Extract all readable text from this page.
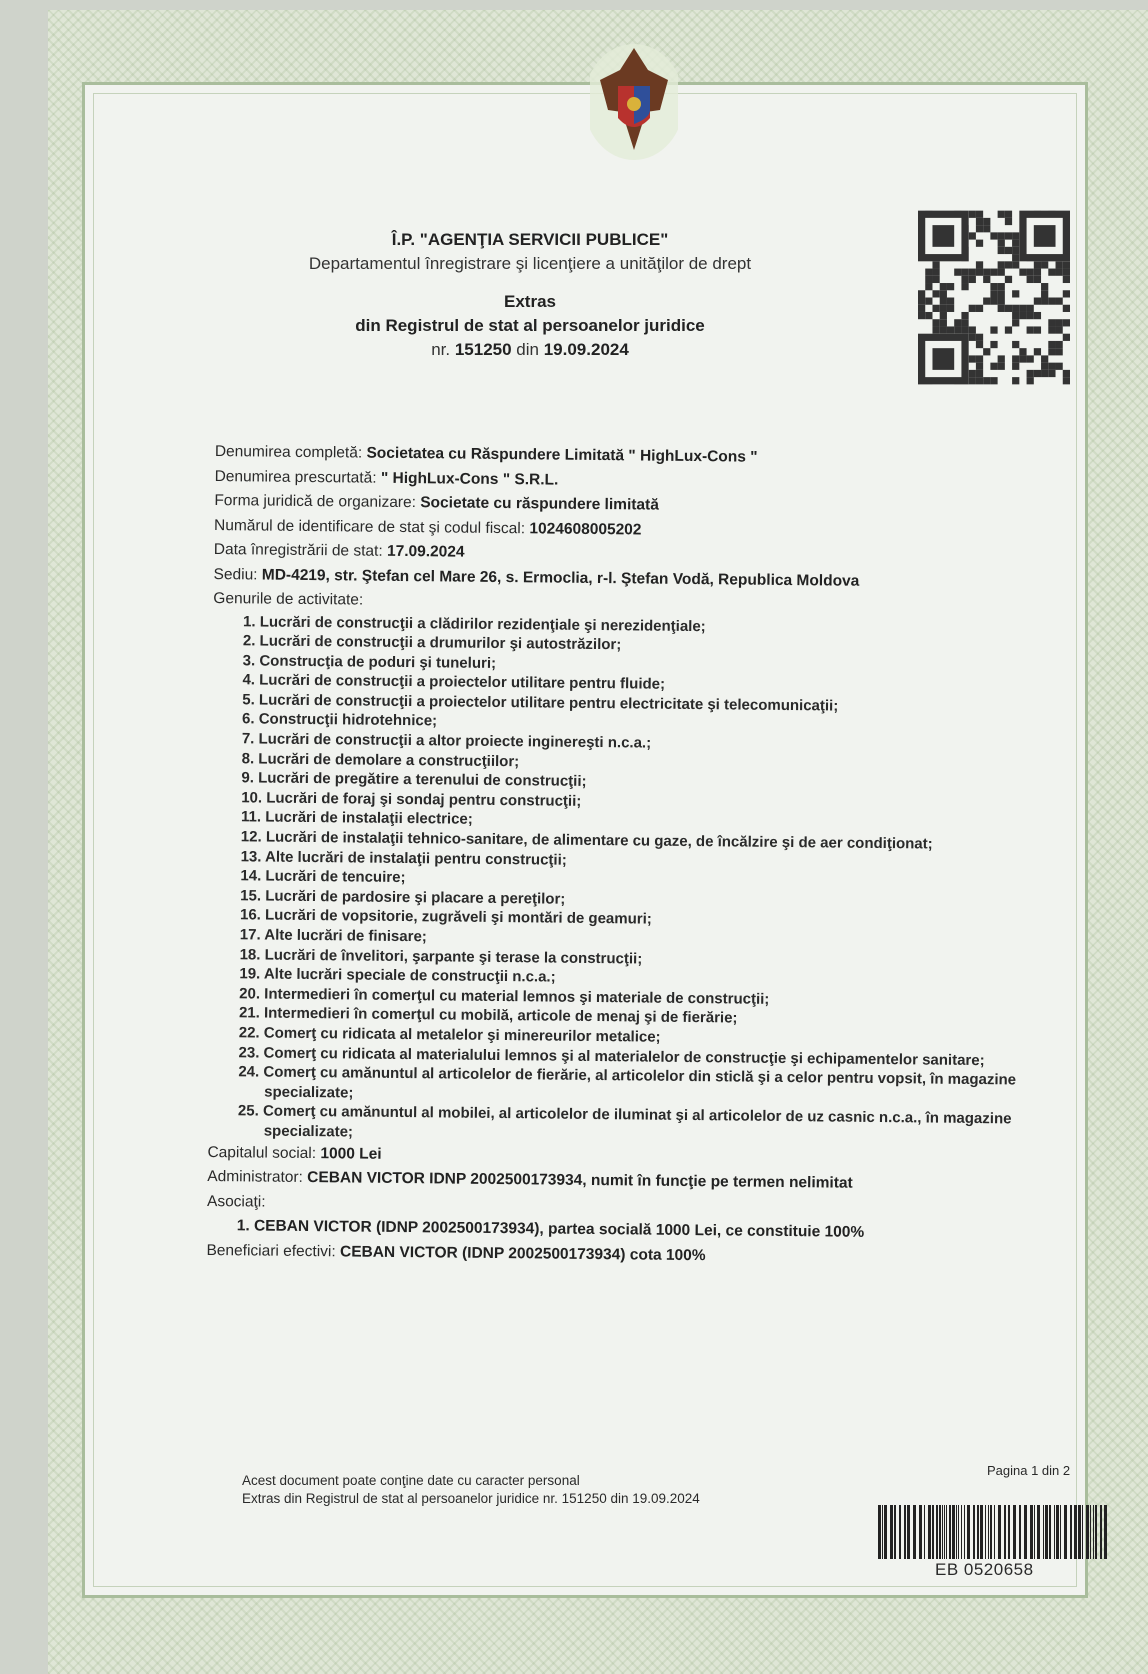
Î.P. "AGENŢIA SERVICII PUBLICE"
Departamentul înregistrare şi licenţiere a unităţilor de drept
Extras
din Registrul de stat al persoanelor juridice
nr. 151250 din 19.09.2024
Denumirea completă: Societatea cu Răspundere Limitată " HighLux-Cons "
Denumirea prescurtată: " HighLux-Cons " S.R.L.
Forma juridică de organizare: Societate cu răspundere limitată
Numărul de identificare de stat şi codul fiscal: 1024608005202
Data înregistrării de stat: 17.09.2024
Sediu: MD-4219, str. Ştefan cel Mare 26, s. Ermoclia, r-l. Ştefan Vodă, Republica Moldova
Genurile de activitate:
1. Lucrări de construcţii a clădirilor rezidenţiale şi nerezidenţiale;
2. Lucrări de construcţii a drumurilor şi autostrăzilor;
3. Construcţia de poduri şi tuneluri;
4. Lucrări de construcţii a proiectelor utilitare pentru fluide;
5. Lucrări de construcţii a proiectelor utilitare pentru electricitate şi telecomunicaţii;
6. Construcţii hidrotehnice;
7. Lucrări de construcţii a altor proiecte inginereşti n.c.a.;
8. Lucrări de demolare a construcţiilor;
9. Lucrări de pregătire a terenului de construcţii;
10. Lucrări de foraj şi sondaj pentru construcţii;
11. Lucrări de instalaţii electrice;
12. Lucrări de instalaţii tehnico-sanitare, de alimentare cu gaze, de încălzire şi de aer condiţionat;
13. Alte lucrări de instalaţii pentru construcţii;
14. Lucrări de tencuire;
15. Lucrări de pardosire şi placare a pereţilor;
16. Lucrări de vopsitorie, zugrăveli şi montări de geamuri;
17. Alte lucrări de finisare;
18. Lucrări de învelitori, şarpante şi terase la construcţii;
19. Alte lucrări speciale de construcţii n.c.a.;
20. Intermedieri în comerţul cu material lemnos şi materiale de construcţii;
21. Intermedieri în comerţul cu mobilă, articole de menaj şi de fierărie;
22. Comerţ cu ridicata al metalelor şi minereurilor metalice;
23. Comerţ cu ridicata al materialului lemnos şi al materialelor de construcţie şi echipamentelor sanitare;
24. Comerţ cu amănuntul al articolelor de fierărie, al articolelor din sticlă şi a celor pentru vopsit, în magazine specializate;
25. Comerţ cu amănuntul al mobilei, al articolelor de iluminat şi al articolelor de uz casnic n.c.a., în magazine specializate;
Capitalul social: 1000 Lei
Administrator: CEBAN VICTOR IDNP 2002500173934, numit în funcţie pe termen nelimitat
Asociaţi:
1. CEBAN VICTOR (IDNP 2002500173934), partea socială 1000 Lei, ce constituie 100%
Beneficiari efectivi: CEBAN VICTOR (IDNP 2002500173934) cota 100%
Acest document poate conţine date cu caracter personal
Extras din Registrul de stat al persoanelor juridice nr. 151250 din 19.09.2024
Pagina 1 din 2
EB 0520658
